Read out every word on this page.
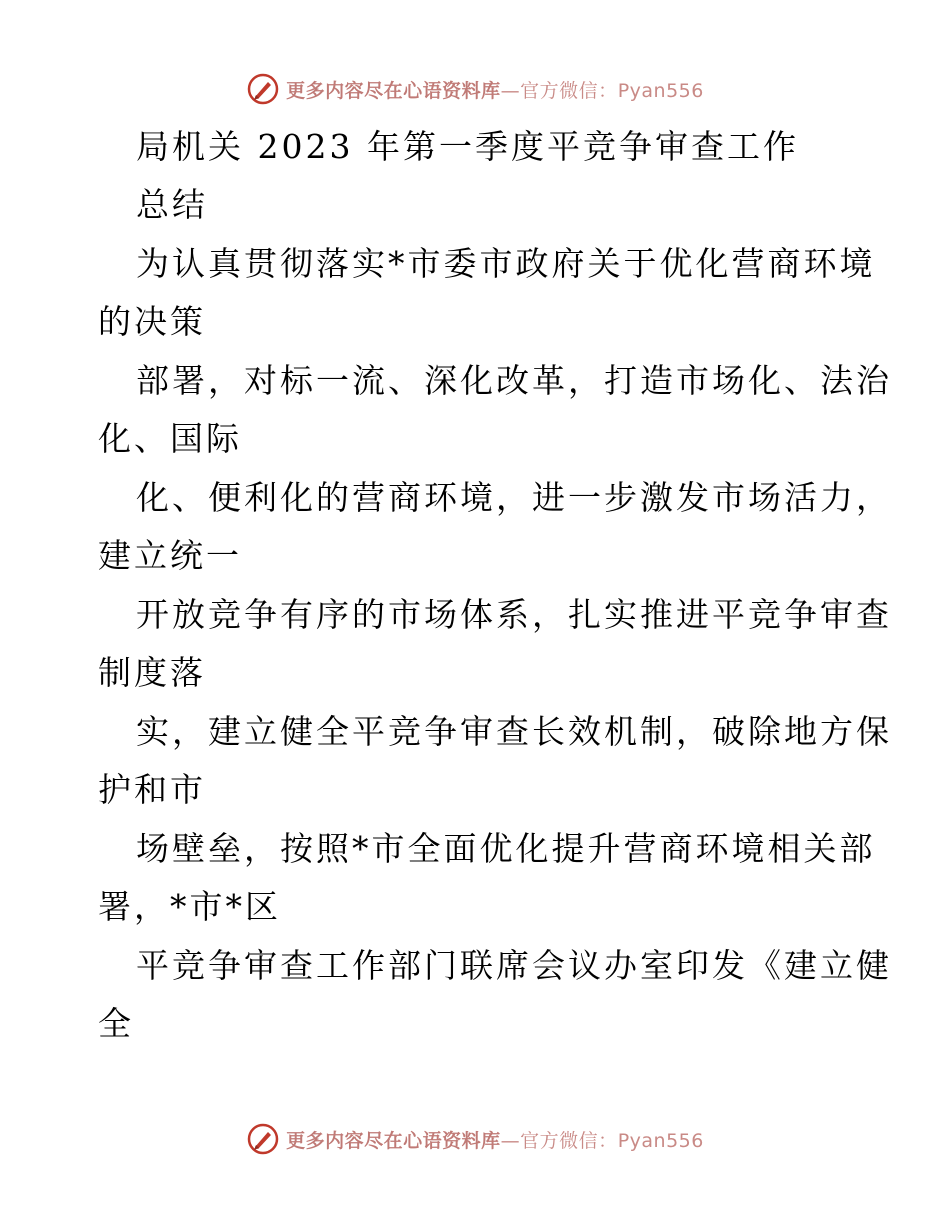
更多内容尽在心语资料库—官方微信：Pyan556
局机关 2023 年第一季度平竞争审查工作
总结
为认真贯彻落实*市委市政府关于优化营商环境
的决策
部署，对标一流、深化改革，打造市场化、法治
化、国际
化、便利化的营商环境，进一步激发市场活力，
建立统一
开放竞争有序的市场体系，扎实推进平竞争审查
制度落
实，建立健全平竞争审查长效机制，破除地方保
护和市
场壁垒，按照*市全面优化提升营商环境相关部
署，*市*区
平竞争审查工作部门联席会议办室印发《建立健
全
更多内容尽在心语资料库—官方微信：Pyan556
